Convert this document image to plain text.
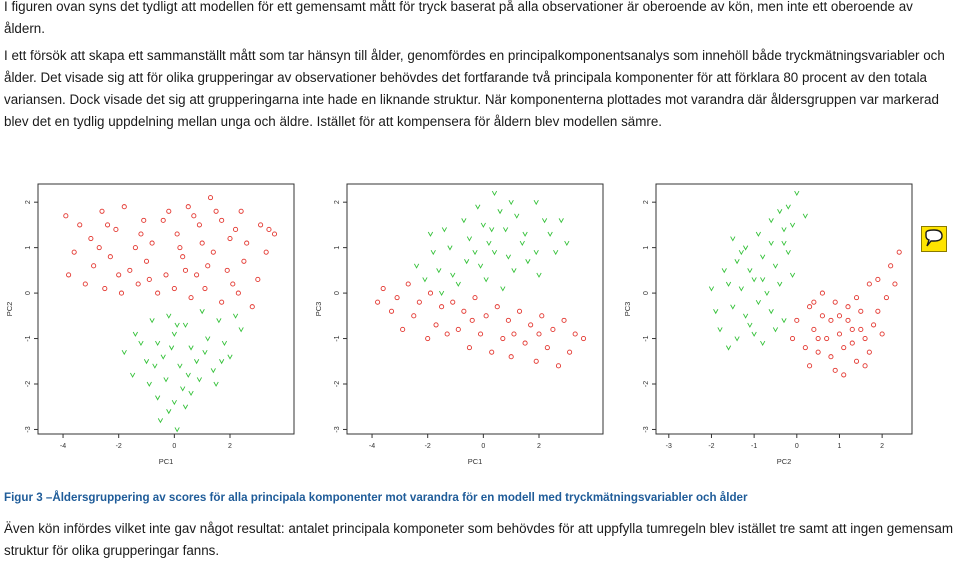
I figuren ovan syns det tydligt att modellen för ett gemensamt mått för tryck baserat på alla observationer är oberoende av kön, men inte ett oberoende av åldern.

I ett försök att skapa ett sammanställt mått som tar hänsyn till ålder, genomfördes en principalkomponentsanalys som innehöll både tryckmätningsvariabler och ålder. Det visade sig att för olika grupperingar av observationer behövdes det fortfarande två principala komponenter för att förklara 80 procent av den totala variansen. Dock visade det sig att grupperingarna inte hade en liknande struktur. När komponenterna plottades mot varandra där åldersgruppen var markerad blev det en tydlig uppdelning mellan unga och äldre. Istället för att kompensera för åldern blev modellen sämre.

-4	-2	0	2
-3
-2
-1
0
1
2
PC1
PC2
-4	-2	0	2
-3
-2
-1
0
1
2
PC1
PC3
-3	-2	-1	0	1	2
-3
-2
-1
0
1
2
PC2
PC3

Figur 3 –Åldersgruppering av scores för alla principala komponenter mot varandra för en modell med tryckmätningsvariabler och ålder

Även kön infördes vilket inte gav något resultat: antalet principala komponeter som behövdes för att uppfylla tumregeln blev istället tre samt att ingen gemensam struktur för olika grupperingar fanns.
